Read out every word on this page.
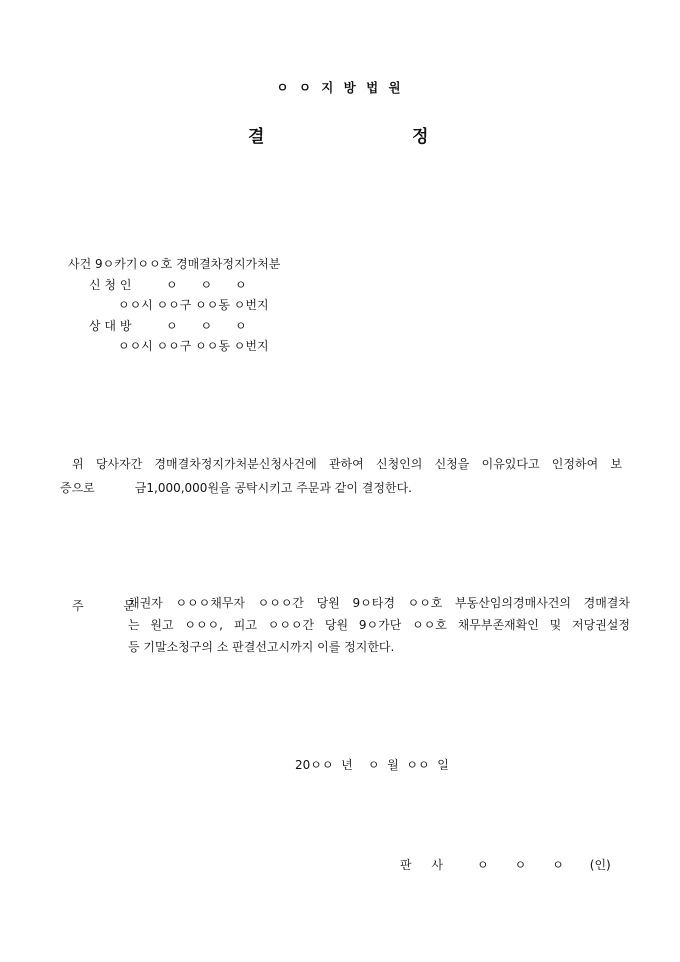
ㅇ ㅇ 지 방 법 원
결	정
사건 9ㅇ카기ㅇㅇ호 경매결차정지가처분
신 청 인	ㅇ      ㅇ      ㅇ
ㅇㅇ시 ㅇㅇ구 ㅇㅇ동 ㅇ번지
상 대 방	ㅇ      ㅇ      ㅇ
ㅇㅇ시 ㅇㅇ구 ㅇㅇ동 ㅇ번지
위 당사자간 경매결차정지가처분신청사건에 관하여 신청인의 신청을 이유있다고 인정하여 보
증으로	금1,000,000원을 공탁시키고 주문과 같이 결정한다.
주 문
채권자 ㅇㅇㅇ채무자 ㅇㅇㅇ간 당원 9ㅇ타경 ㅇㅇ호 부동산임의경매사건의 경매결차
는 원고 ㅇㅇㅇ, 피고 ㅇㅇㅇ간 당원 9ㅇ가단 ㅇㅇ호 채무부존재확인 및 저당권설정
등 기말소청구의 소 판결선고시까지 이를 정지한다.
20ㅇㅇ  년    ㅇ  월  ㅇㅇ  일
판 사 ㅇ ㅇ ㅇ (인)
